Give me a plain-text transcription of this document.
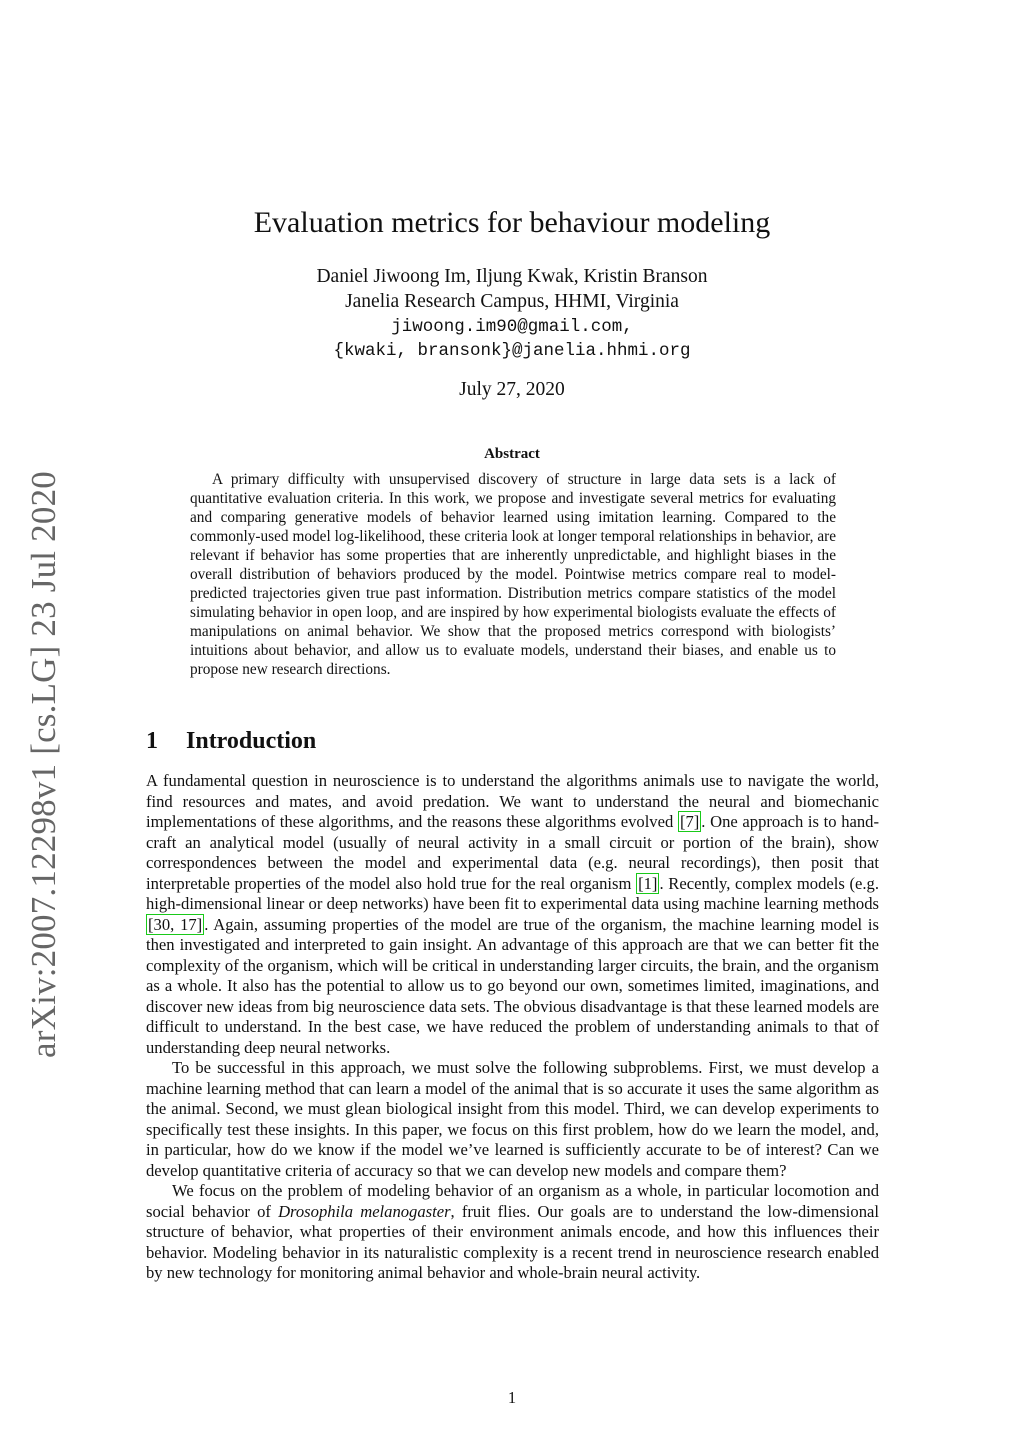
arXiv:2007.12298v1 [cs.LG] 23 Jul 2020
Evaluation metrics for behaviour modeling
Daniel Jiwoong Im, Iljung Kwak, Kristin Branson
Janelia Research Campus, HHMI, Virginia
jiwoong.im90@gmail.com,
{kwaki, bransonk}@janelia.hhmi.org
July 27, 2020
Abstract

A primary difficulty with unsupervised discovery of structure in large data sets is a lack of quantitative evaluation criteria. In this work, we propose and investigate several metrics for evaluating and comparing generative models of behavior learned using imitation learning. Compared to the commonly-used model log-likelihood, these criteria look at longer temporal relationships in behavior, are relevant if behavior has some properties that are inherently unpredictable, and highlight biases in the overall distribution of behaviors produced by the model. Pointwise metrics compare real to model-predicted trajectories given true past information. Distribution metrics compare statistics of the model simulating behavior in open loop, and are inspired by how experimental biologists evaluate the effects of manipulations on animal behavior. We show that the proposed metrics correspond with biologists’ intuitions about behavior, and allow us to evaluate models, understand their biases, and enable us to propose new research directions.

1 Introduction

A fundamental question in neuroscience is to understand the algorithms animals use to navigate the world, find resources and mates, and avoid predation. We want to understand the neural and biomechanic implementations of these algorithms, and the reasons these algorithms evolved [7] . One approach is to hand-craft an analytical model (usually of neural activity in a small circuit or portion of the brain), show correspondences between the model and experimental data (e.g. neural recordings), then posit that interpretable properties of the model also hold true for the real organism [1] . Recently, complex models (e.g. high-dimensional linear or deep networks) have been fit to experimental data using machine learning methods [30, 17] . Again, assuming properties of the model are true of the organism, the machine learning model is then investigated and interpreted to gain insight. An advantage of this approach are that we can better fit the complexity of the organism, which will be critical in understanding larger circuits, the brain, and the organism as a whole. It also has the potential to allow us to go beyond our own, sometimes limited, imaginations, and discover new ideas from big neuroscience data sets. The obvious disadvantage is that these learned models are difficult to understand. In the best case, we have reduced the problem of understanding animals to that of understanding deep neural networks.

To be successful in this approach, we must solve the following subproblems. First, we must develop a machine learning method that can learn a model of the animal that is so accurate it uses the same algorithm as the animal. Second, we must glean biological insight from this model. Third, we can develop experiments to specifically test these insights. In this paper, we focus on this first problem, how do we learn the model, and, in particular, how do we know if the model we’ve learned is sufficiently accurate to be of interest? Can we develop quantitative criteria of accuracy so that we can develop new models and compare them?

We focus on the problem of modeling behavior of an organism as a whole, in particular locomotion and social behavior of Drosophila melanogaster, fruit flies. Our goals are to understand the low-dimensional structure of behavior, what properties of their environment animals encode, and how this influences their behavior. Modeling behavior in its naturalistic complexity is a recent trend in neuroscience research enabled by new technology for monitoring animal behavior and whole-brain neural activity.

1
